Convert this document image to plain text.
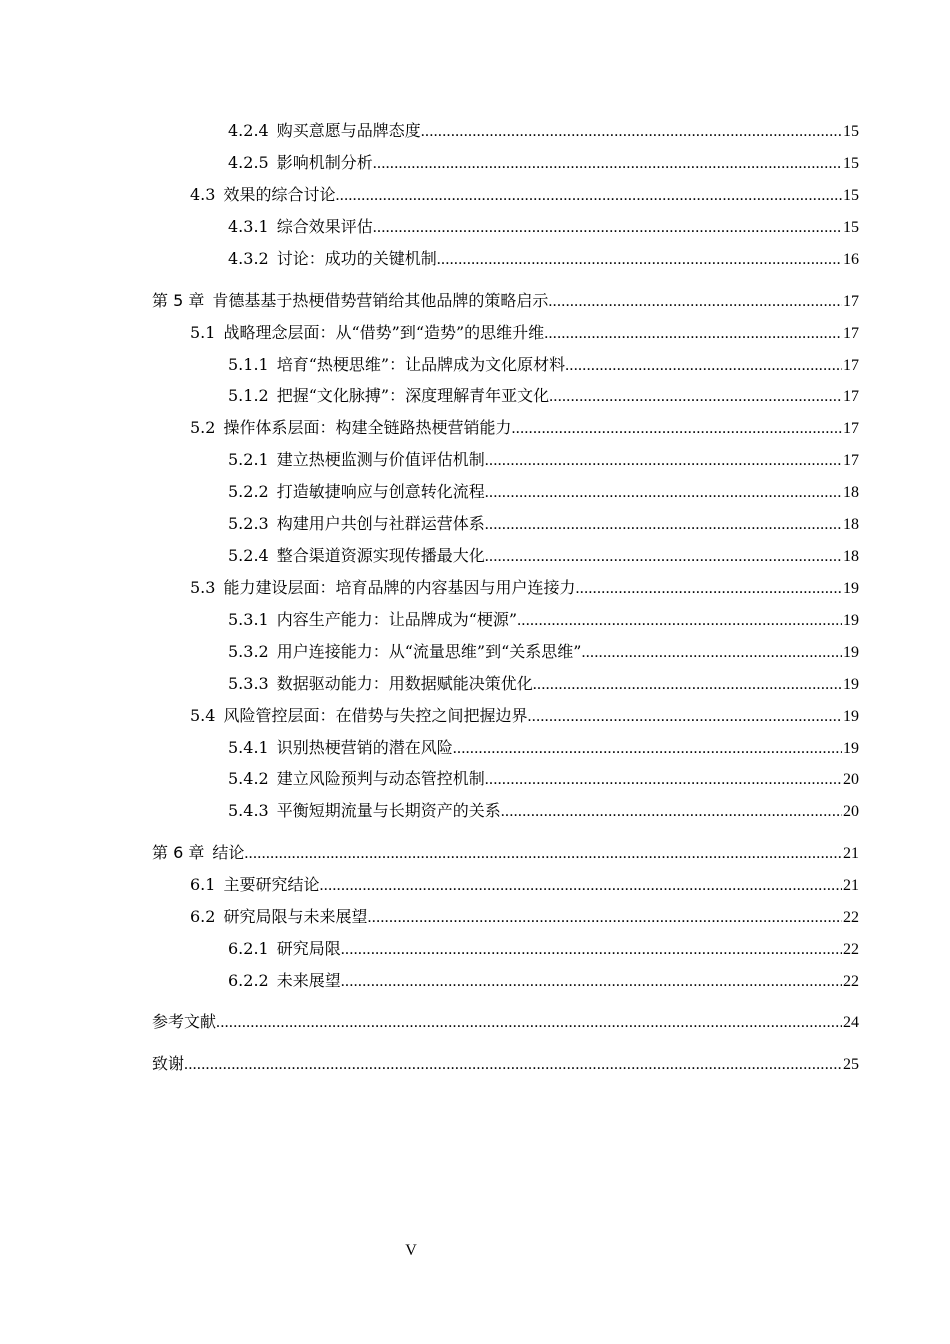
4.2.4 购买意愿与品牌态度 .....	15
4.2.5 影响机制分析 .....	15
4.3 效果的综合讨论 .....	15
4.3.1 综合效果评估 .....	15
4.3.2 讨论：成功的关键机制 .....	16
第 5 章 肯德基基于热梗借势营销给其他品牌的策略启示 .....	17
5.1 战略理念层面：从“借势”到“造势”的思维升维 .....	17
5.1.1 培育“热梗思维”：让品牌成为文化原材料 .....	17
5.1.2 把握“文化脉搏”：深度理解青年亚文化 .....	17
5.2 操作体系层面：构建全链路热梗营销能力 .....	17
5.2.1 建立热梗监测与价值评估机制 .....	17
5.2.2 打造敏捷响应与创意转化流程 .....	18
5.2.3 构建用户共创与社群运营体系 .....	18
5.2.4 整合渠道资源实现传播最大化 .....	18
5.3 能力建设层面：培育品牌的内容基因与用户连接力 .....	19
5.3.1 内容生产能力：让品牌成为“梗源” .....	19
5.3.2 用户连接能力：从“流量思维”到“关系思维” .....	19
5.3.3 数据驱动能力：用数据赋能决策优化 .....	19
5.4 风险管控层面：在借势与失控之间把握边界 .....	19
5.4.1 识别热梗营销的潜在风险 .....	19
5.4.2 建立风险预判与动态管控机制 .....	20
5.4.3 平衡短期流量与长期资产的关系 .....	20
第 6 章 结论 .....	21
6.1 主要研究结论 .....	21
6.2 研究局限与未来展望 .....	22
6.2.1 研究局限 .....	22
6.2.2 未来展望 .....	22
参考文献 .....	24
致谢 .....	25
V
